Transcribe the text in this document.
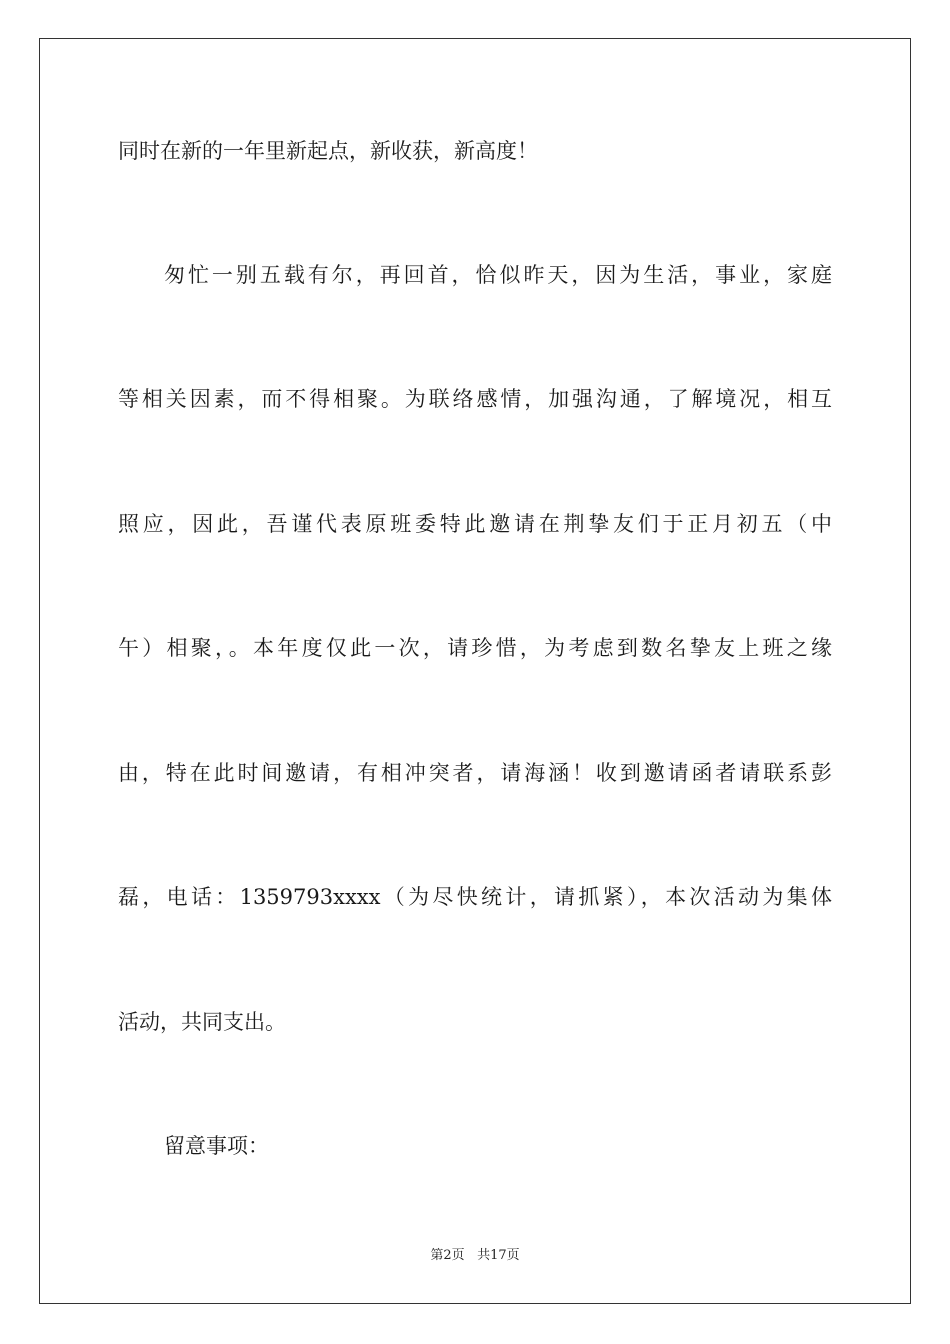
同时在新的一年里新起点，新收获，新高度！
匆忙一别五载有尔，再回首，恰似昨天，因为生活，事业，家庭
等相关因素，而不得相聚。为联络感情，加强沟通，了解境况，相互
照应，因此，吾谨代表原班委特此邀请在荆挚友们于正月初五（中
午）相聚，。本年度仅此一次，请珍惜，为考虑到数名挚友上班之缘
由，特在此时间邀请，有相冲突者，请海涵！收到邀请函者请联系彭
磊，电话：1359793xxxx（为尽快统计，请抓紧），本次活动为集体
活动，共同支出。
留意事项：
第2页 共17页
